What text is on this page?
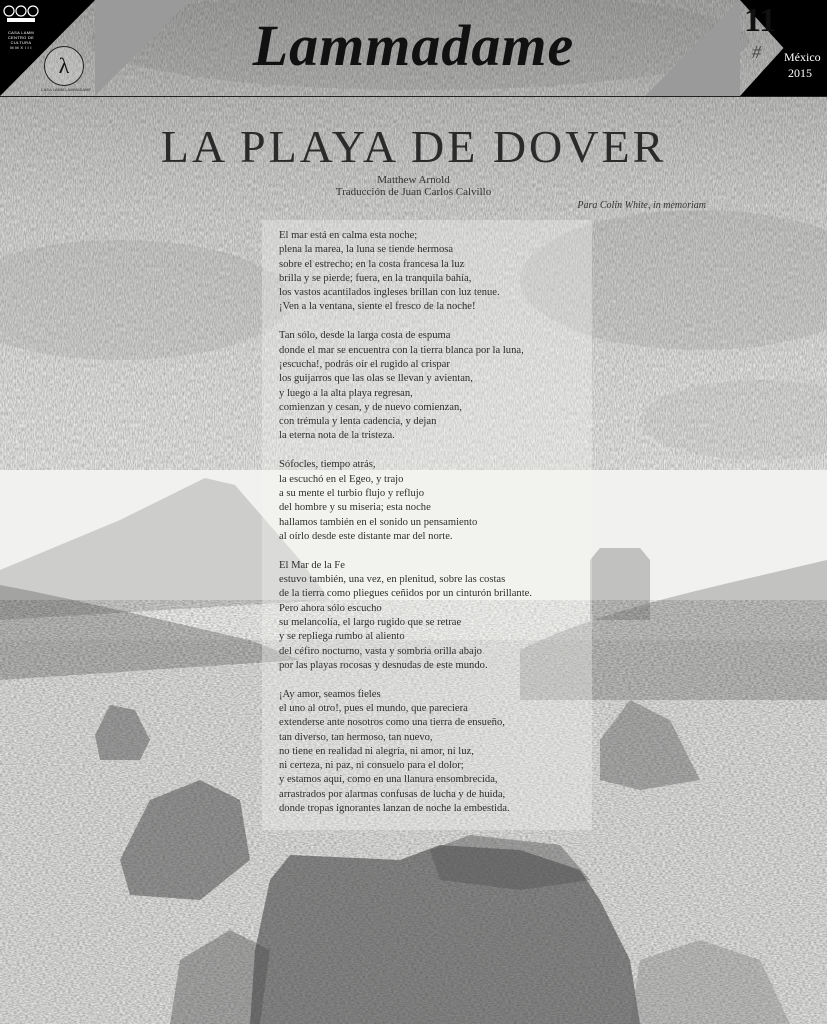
CASA LAMM
CENTRO DE CULTURA
M M X I I I
λ
CASA LAMM LAMMADAME
Lammadame	11
# México
2015
LA PLAYA DE DOVER
Matthew Arnold
Traducción de Juan Carlos Calvillo
Para Colin White, in memoriam
El mar está en calma esta noche;
plena la marea, la luna se tiende hermosa
sobre el estrecho; en la costa francesa la luz
brilla y se pierde; fuera, en la tranquila bahía,
los vastos acantilados ingleses brillan con luz tenue.
¡Ven a la ventana, siente el fresco de la noche!
Tan sólo, desde la larga costa de espuma
donde el mar se encuentra con la tierra blanca por la luna,
¡escucha!, podrás oír el rugido al crispar
los guijarros que las olas se llevan y avientan,
y luego a la alta playa regresan,
comienzan y cesan, y de nuevo comienzan,
con trémula y lenta cadencia, y dejan
la eterna nota de la tristeza.
Sófocles, tiempo atrás,
la escuchó en el Egeo, y trajo
a su mente el turbio flujo y reflujo
del hombre y su miseria; esta noche
hallamos también en el sonido un pensamiento
al oírlo desde este distante mar del norte.
El Mar de la Fe
estuvo también, una vez, en plenitud, sobre las costas
de la tierra como pliegues ceñidos por un cinturón brillante.
Pero ahora sólo escucho
su melancolía, el largo rugido que se retrae
y se repliega rumbo al aliento
del céfiro nocturno, vasta y sombría orilla abajo
por las playas rocosas y desnudas de este mundo.
¡Ay amor, seamos fieles
el uno al otro!, pues el mundo, que pareciera
extenderse ante nosotros como una tierra de ensueño,
tan diverso, tan hermoso, tan nuevo,
no tiene en realidad ni alegría, ni amor, ni luz,
ni certeza, ni paz, ni consuelo para el dolor;
y estamos aquí, como en una llanura ensombrecida,
arrastrados por alarmas confusas de lucha y de huida,
donde tropas ignorantes lanzan de noche la embestida.
